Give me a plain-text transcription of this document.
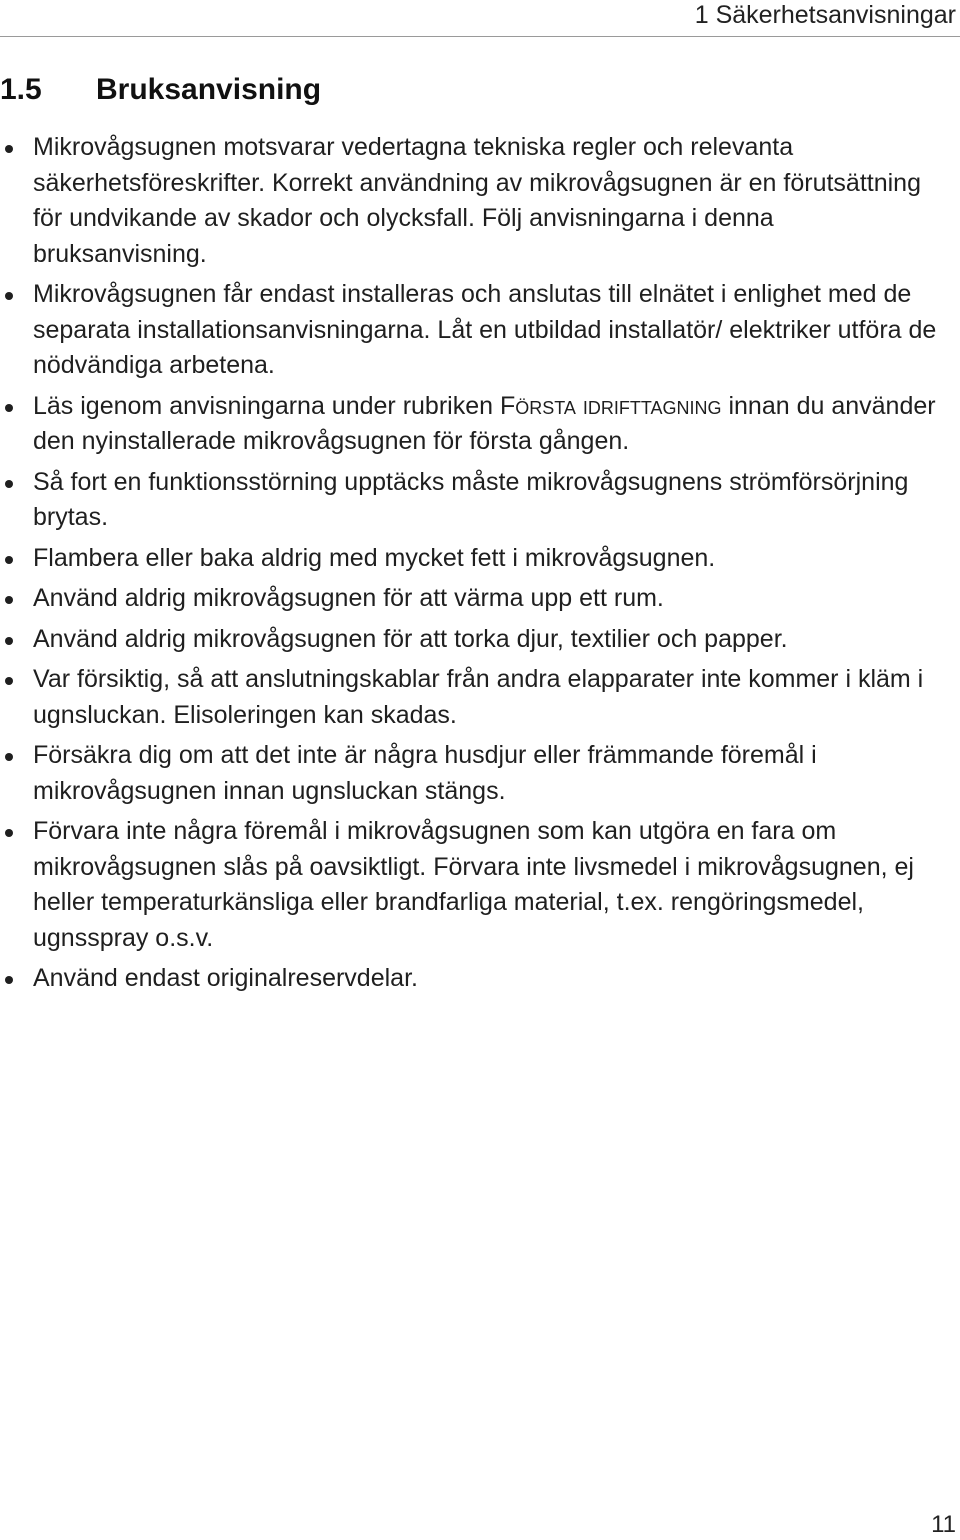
1 Säkerhetsanvisningar
1.5 Bruksanvisning
Mikrovågsugnen motsvarar vedertagna tekniska regler och relevanta säkerhetsföreskrifter. Korrekt användning av mikrovågsugnen är en förutsättning för undvikande av skador och olycksfall. Följ anvisningarna i denna bruksanvisning.
Mikrovågsugnen får endast installeras och anslutas till elnätet i enlighet med de separata installationsanvisningarna. Låt en utbildad installatör/ elektriker utföra de nödvändiga arbetena.
Läs igenom anvisningarna under rubriken Första idrifttagning innan du använder den nyinstallerade mikrovågsugnen för första gången.
Så fort en funktionsstörning upptäcks måste mikrovågsugnens strömförsörjning brytas.
Flambera eller baka aldrig med mycket fett i mikrovågsugnen.
Använd aldrig mikrovågsugnen för att värma upp ett rum.
Använd aldrig mikrovågsugnen för att torka djur, textilier och papper.
Var försiktig, så att anslutningskablar från andra elapparater inte kommer i kläm i ugnsluckan. Elisoleringen kan skadas.
Försäkra dig om att det inte är några husdjur eller främmande föremål i mikrovågsugnen innan ugnsluckan stängs.
Förvara inte några föremål i mikrovågsugnen som kan utgöra en fara om mikrovågsugnen slås på oavsiktligt. Förvara inte livsmedel i mikrovågsugnen, ej heller temperaturkänsliga eller brandfarliga material, t.ex. rengöringsmedel, ugnsspray o.s.v.
Använd endast originalreservdelar.
11
